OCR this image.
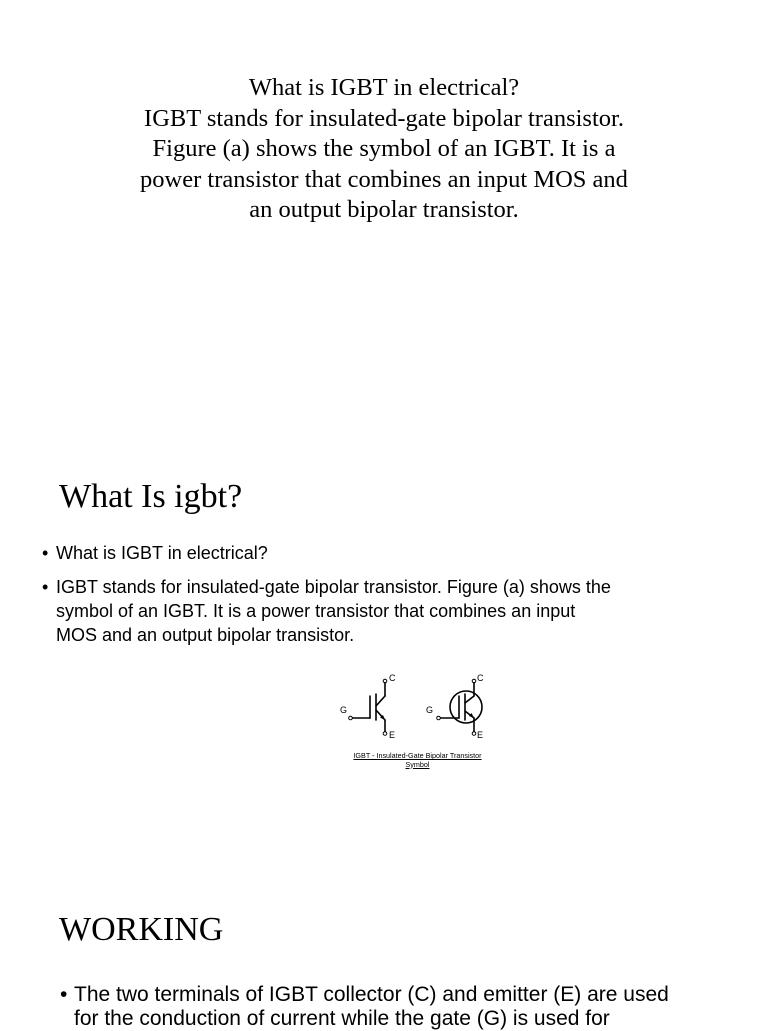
What is IGBT in electrical?
IGBT stands for insulated-gate bipolar transistor.
Figure (a) shows the symbol of an IGBT. It is a
power transistor that combines an input MOS and
an output bipolar transistor.
What Is igbt?
• What is IGBT in electrical?
• IGBT stands for insulated-gate bipolar transistor. Figure (a) shows the
symbol of an IGBT. It is a power transistor that combines an input
MOS and an output bipolar transistor.
C
G
E
C
G
E
IGBT - Insulated-Gate Bipolar Transistor
Symbol
WORKING
• The two terminals of IGBT collector (C) and emitter (E) are used
for the conduction of current while the gate (G) is used for
